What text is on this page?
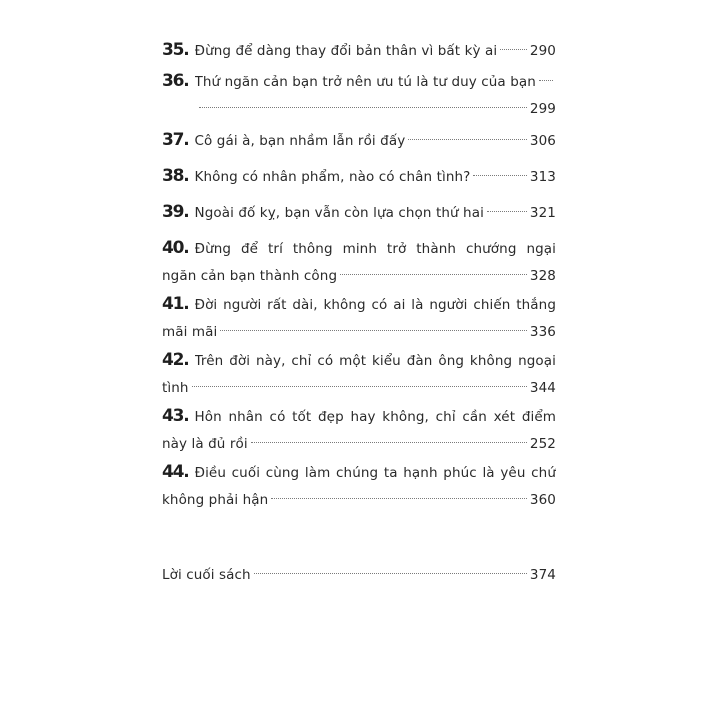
35. Đừng để dàng thay đổi bản thân vì bất kỳ ai 290
36. Thứ ngăn cản bạn trở nên ưu tú là tư duy của bạn
299
37. Cô gái à, bạn nhầm lẫn rồi đấy	306
38. Không có nhân phẩm, nào có chân tình?	313
39. Ngoài đố kỵ, bạn vẫn còn lựa chọn thứ hai	321
40. Đừng để trí thông minh trở thành chướng ngại
ngăn cản bạn thành công	328
41. Đời người rất dài, không có ai là người chiến thắng
mãi mãi	336
42. Trên đời này, chỉ có một kiểu đàn ông không ngoại
tình	344
43. Hôn nhân có tốt đẹp hay không, chỉ cần xét điểm
này là đủ rồi	252
44. Điều cuối cùng làm chúng ta hạnh phúc là yêu chứ
không phải hận	360
Lời cuối sách	374
